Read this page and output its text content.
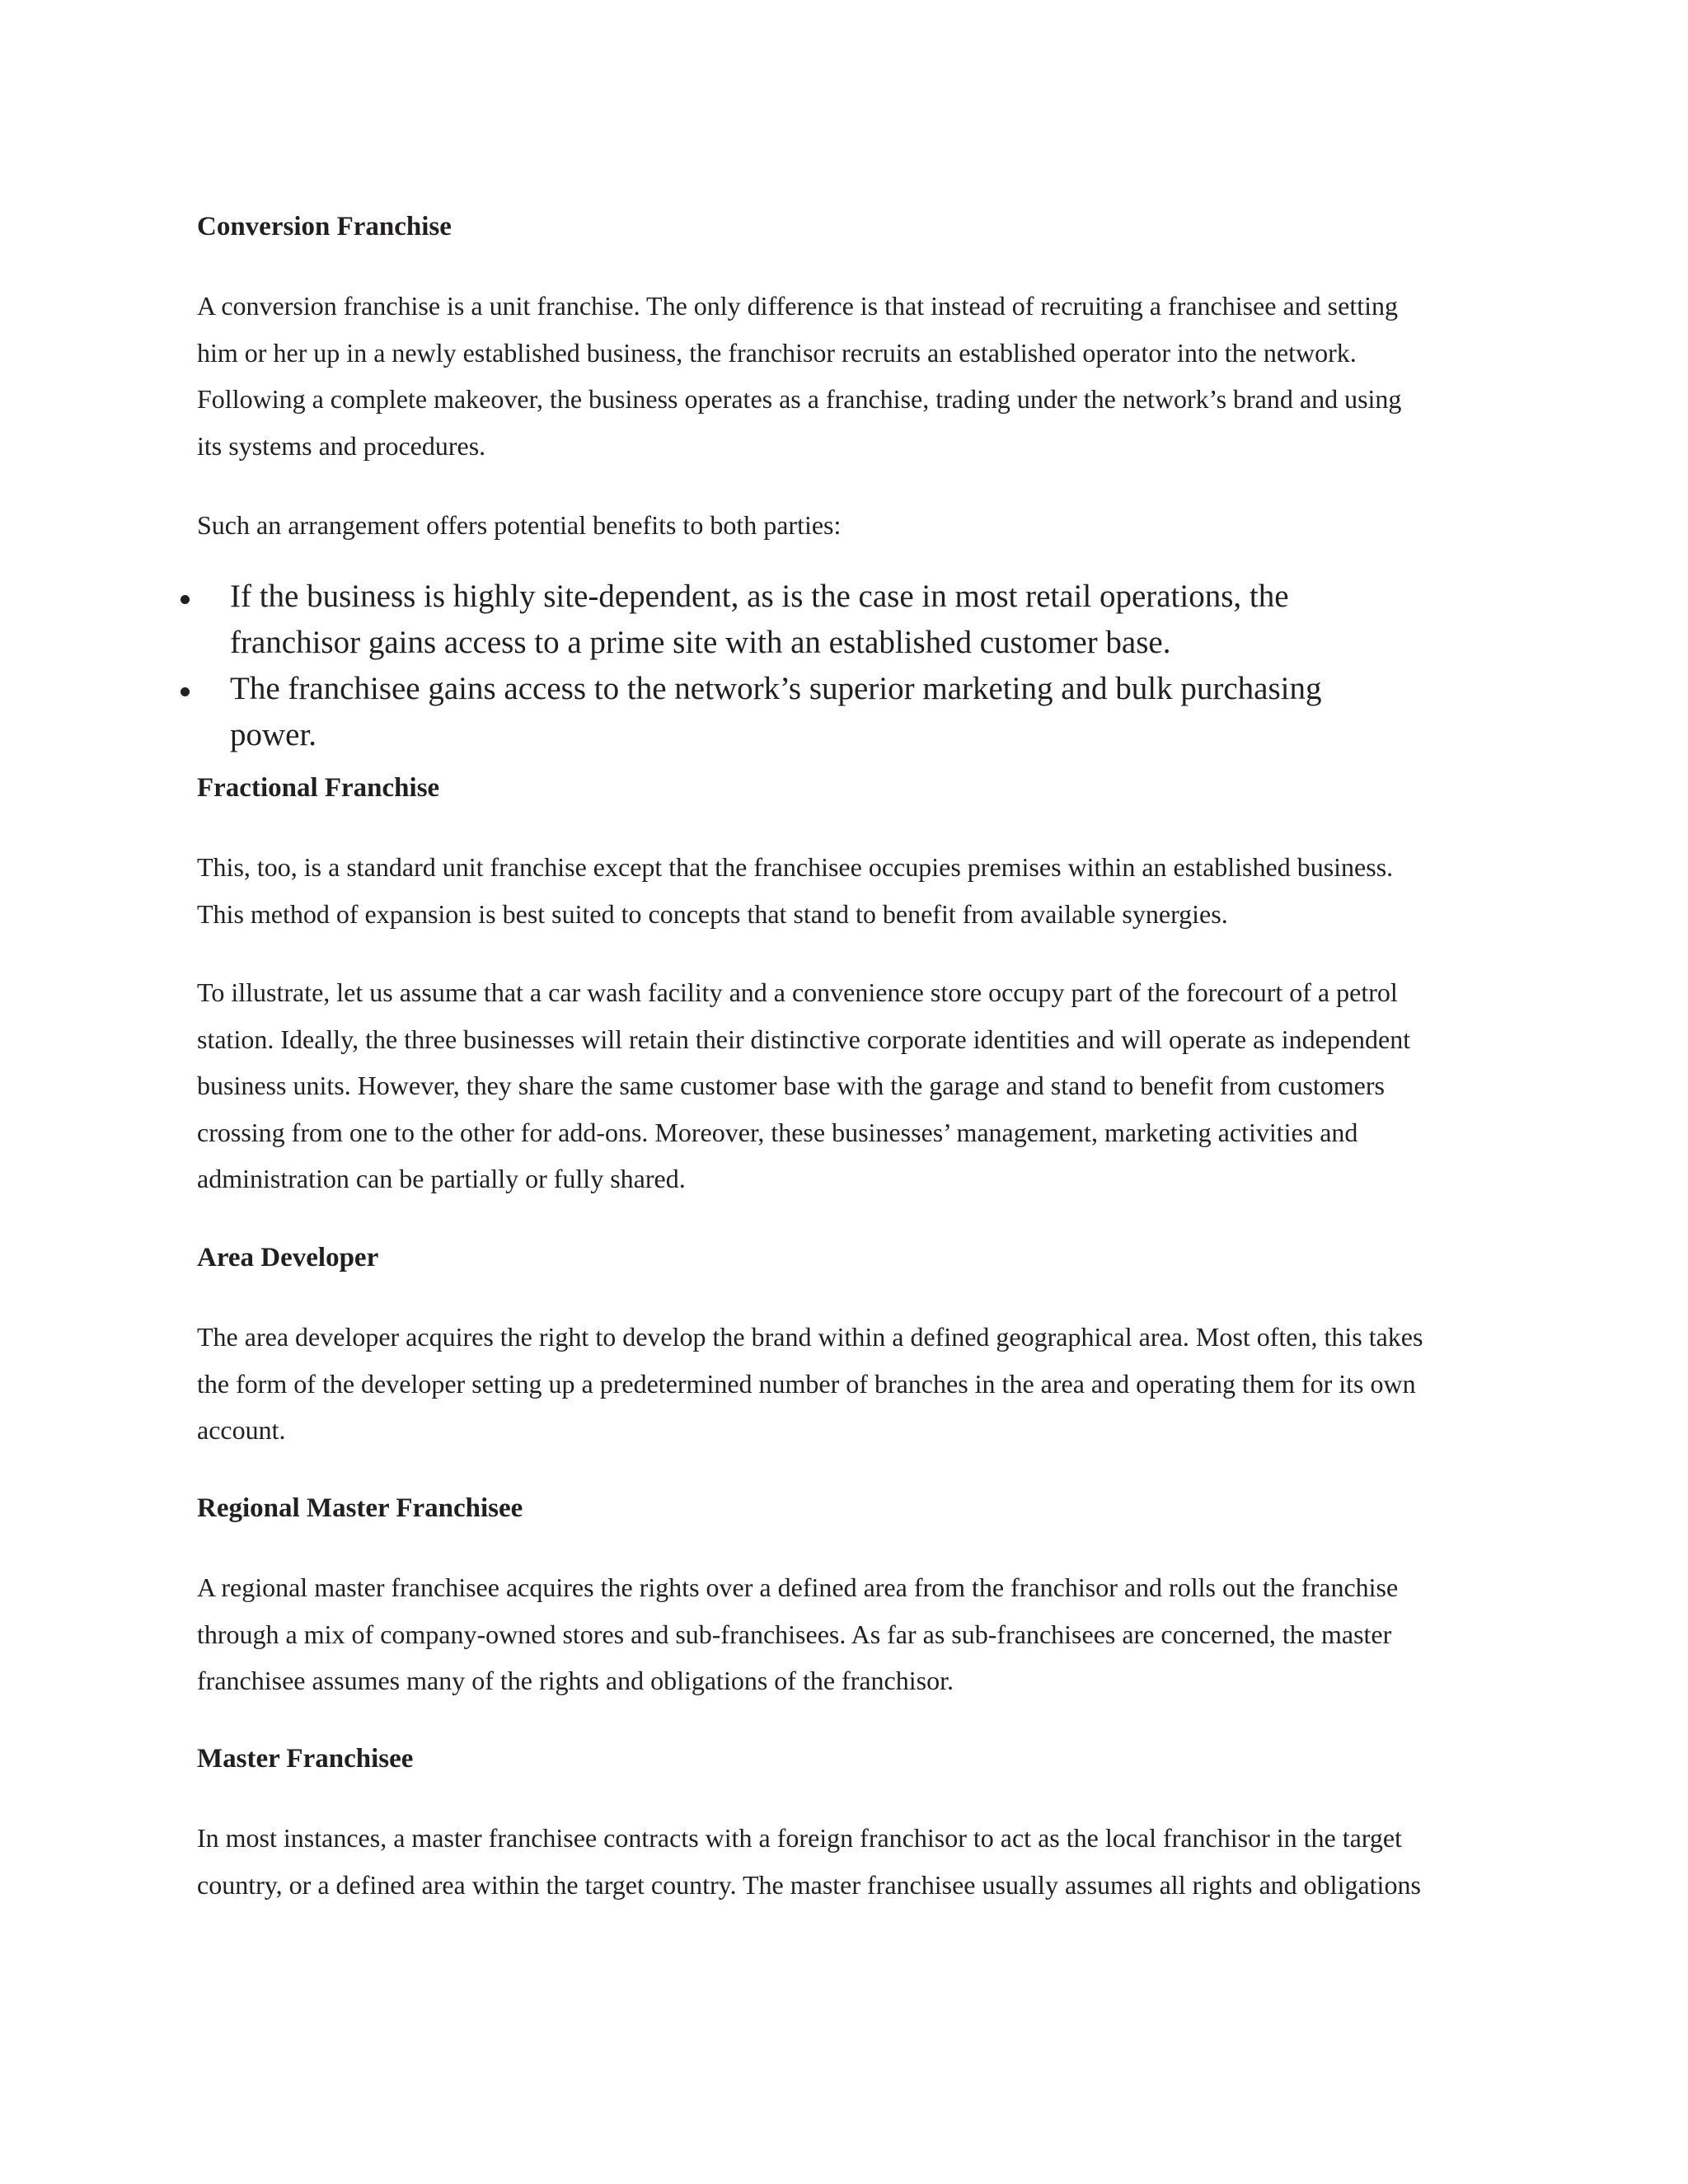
Conversion Franchise

A conversion franchise is a unit franchise. The only difference is that instead of recruiting a franchisee and setting
him or her up in a newly established business, the franchisor recruits an established operator into the network.
Following a complete makeover, the business operates as a franchise, trading under the network’s brand and using
its systems and procedures.

Such an arrangement offers potential benefits to both parties:

If the business is highly site-dependent, as is the case in most retail operations, the
franchisor gains access to a prime site with an established customer base.
The franchisee gains access to the network’s superior marketing and bulk purchasing
power.
Fractional Franchise

This, too, is a standard unit franchise except that the franchisee occupies premises within an established business.
This method of expansion is best suited to concepts that stand to benefit from available synergies.

To illustrate, let us assume that a car wash facility and a convenience store occupy part of the forecourt of a petrol
station. Ideally, the three businesses will retain their distinctive corporate identities and will operate as independent
business units. However, they share the same customer base with the garage and stand to benefit from customers
crossing from one to the other for add-ons. Moreover, these businesses’ management, marketing activities and
administration can be partially or fully shared.

Area Developer

The area developer acquires the right to develop the brand within a defined geographical area. Most often, this takes
the form of the developer setting up a predetermined number of branches in the area and operating them for its own
account.

Regional Master Franchisee

A regional master franchisee acquires the rights over a defined area from the franchisor and rolls out the franchise
through a mix of company-owned stores and sub-franchisees. As far as sub-franchisees are concerned, the master
franchisee assumes many of the rights and obligations of the franchisor.

Master Franchisee

In most instances, a master franchisee contracts with a foreign franchisor to act as the local franchisor in the target
country, or a defined area within the target country. The master franchisee usually assumes all rights and obligations
